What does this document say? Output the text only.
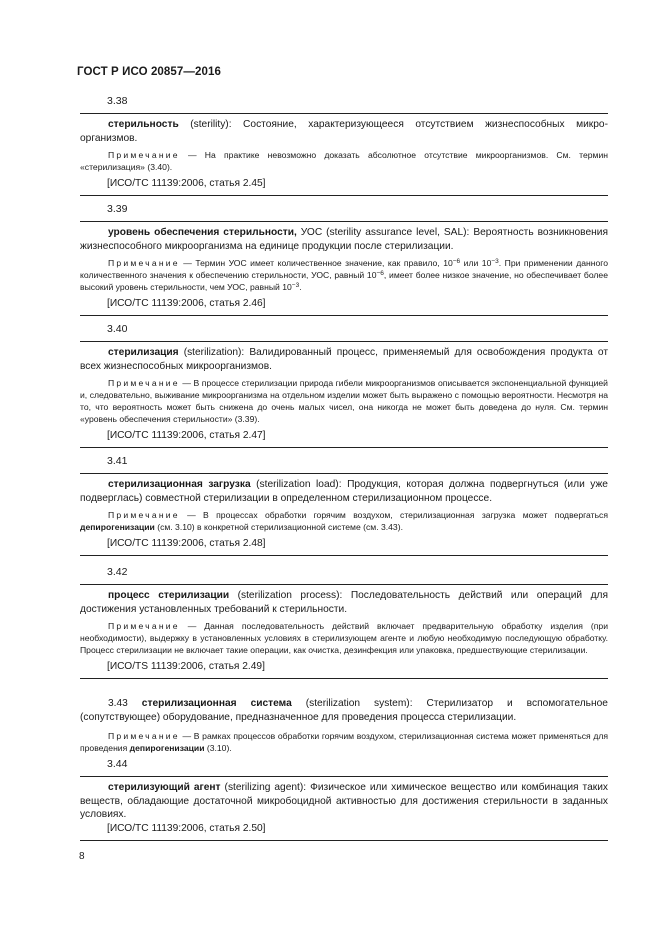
ГОСТ Р ИСО 20857—2016
3.38

стерильность (sterility): Состояние, характеризующееся отсутствием жизнеспособных микроорганизмов.

Примечание — На практике невозможно доказать абсолютное отсутствие микроорганизмов. См. термин «стерилизация» (3.40).

[ИСО/ТС 11139:2006, статья 2.45]
3.39

уровень обеспечения стерильности, УОС (sterility assurance level, SAL): Вероятность возникновения жизнеспособного микроорганизма на единице продукции после стерилизации.

Примечание — Термин УОС имеет количественное значение, как правило, $10^{-6}$ или $10^{-3}$. При применении данного количественного значения к обеспечению стерильности, УОС, равный $10^{-6}$, имеет более низкое значение, но обеспечивает более высокий уровень стерильности, чем УОС, равный $10^{-3}$.

[ИСО/ТС 11139:2006, статья 2.46]
3.40

стерилизация (sterilization): Валидированный процесс, применяемый для освобождения продукта от всех жизнеспособных микроорганизмов.

Примечание — В процессе стерилизации природа гибели микроорганизмов описывается экспоненциальной функцией и, следовательно, выживание микроорганизма на отдельном изделии может быть выражено с помощью вероятности. Несмотря на то, что вероятность может быть снижена до очень малых чисел, она никогда не может быть доведена до нуля. См. термин «уровень обеспечения стерильности» (3.39).

[ИСО/ТС 11139:2006, статья 2.47]
3.41

стерилизационная загрузка (sterilization load): Продукция, которая должна подвергнуться (или уже подверглась) совместной стерилизации в определенном стерилизационном процессе.

Примечание — В процессах обработки горячим воздухом, стерилизационная загрузка может подвергаться депирогенизации (см. 3.10) в конкретной стерилизационной системе (см. 3.43).

[ИСО/ТС 11139:2006, статья 2.48]
3.42

процесс стерилизации (sterilization process): Последовательность действий или операций для достижения установленных требований к стерильности.

Примечание — Данная последовательность действий включает предварительную обработку изделия (при необходимости), выдержку в установленных условиях в стерилизующем агенте и любую необходимую последующую обработку. Процесс стерилизации не включает такие операции, как очистка, дезинфекция или упаковка, предшествующие стерилизации.

[ИСО/TS 11139:2006, статья 2.49]

3.43 стерилизационная система (sterilization system): Стерилизатор и вспомогательное (сопутствующее) оборудование, предназначенное для проведения процесса стерилизации.

Примечание — В рамках процессов обработки горячим воздухом, стерилизационная система может применяться для проведения депирогенизации (3.10).

3.44

стерилизующий агент (sterilizing agent): Физическое или химическое вещество или комбинация таких веществ, обладающие достаточной микробоцидной активностью для достижения стерильности в заданных условиях.

[ИСО/ТС 11139:2006, статья 2.50]
8
